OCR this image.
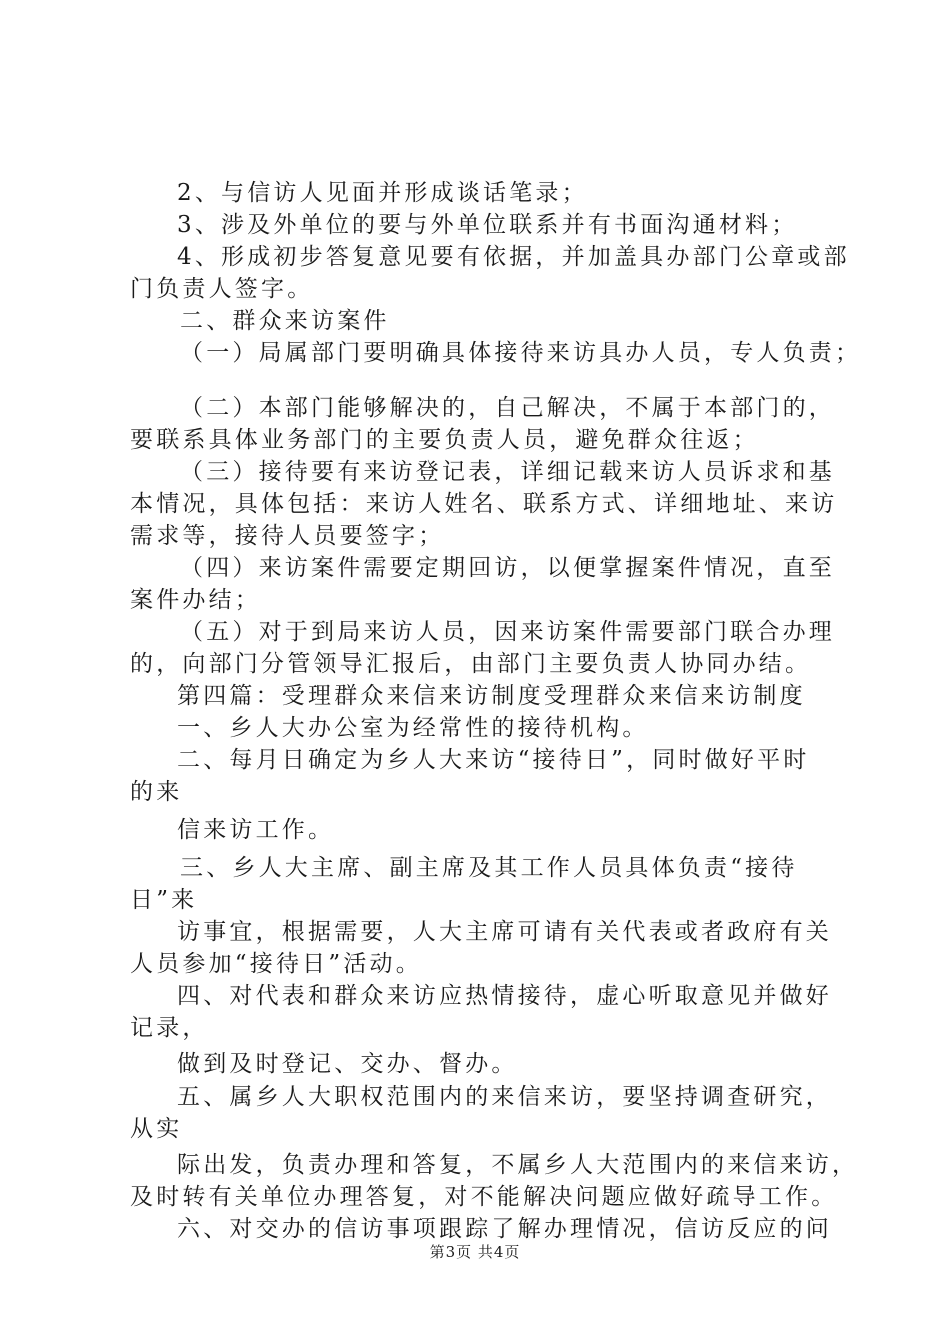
2、与信访人见面并形成谈话笔录；
3、涉及外单位的要与外单位联系并有书面沟通材料；
4、形成初步答复意见要有依据，并加盖具办部门公章或部
门负责人签字。
二、群众来访案件
（一）局属部门要明确具体接待来访具办人员，专人负责；
（二）本部门能够解决的，自己解决，不属于本部门的，
要联系具体业务部门的主要负责人员，避免群众往返；
（三）接待要有来访登记表，详细记载来访人员诉求和基
本情况，具体包括：来访人姓名、联系方式、详细地址、来访
需求等，接待人员要签字；
（四）来访案件需要定期回访，以便掌握案件情况，直至
案件办结；
（五）对于到局来访人员，因来访案件需要部门联合办理
的，向部门分管领导汇报后，由部门主要负责人协同办结。
第四篇：受理群众来信来访制度受理群众来信来访制度
一、乡人大办公室为经常性的接待机构。
二、每月日确定为乡人大来访“接待日”，同时做好平时
的来
信来访工作。
三、乡人大主席、副主席及其工作人员具体负责“接待
日”来
访事宜，根据需要，人大主席可请有关代表或者政府有关
人员参加“接待日”活动。
四、对代表和群众来访应热情接待，虚心听取意见并做好
记录，
做到及时登记、交办、督办。
五、属乡人大职权范围内的来信来访，要坚持调查研究，
从实
际出发，负责办理和答复，不属乡人大范围内的来信来访，
及时转有关单位办理答复，对不能解决问题应做好疏导工作。
六、对交办的信访事项跟踪了解办理情况，信访反应的问
第3页 共4页
